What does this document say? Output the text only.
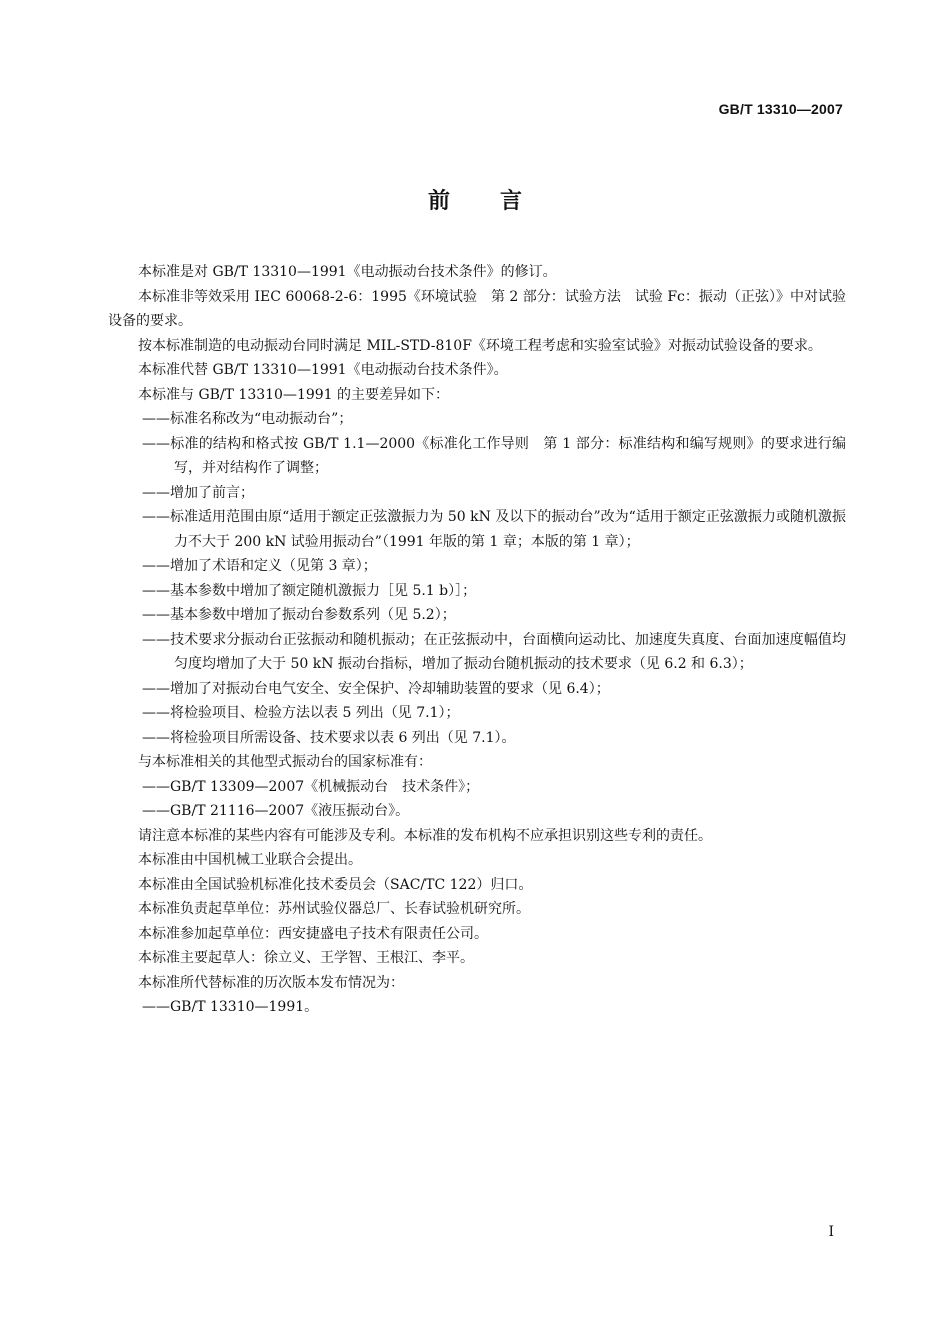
GB/T 13310—2007
前言
本标准是对 GB/T 13310—1991《电动振动台技术条件》的修订。
本标准非等效采用 IEC 60068-2-6：1995《环境试验　第 2 部分：试验方法　试验 Fc：振动（正弦）》中对试验设备的要求。
按本标准制造的电动振动台同时满足 MIL-STD-810F《环境工程考虑和实验室试验》对振动试验设备的要求。
本标准代替 GB/T 13310—1991《电动振动台技术条件》。
本标准与 GB/T 13310—1991 的主要差异如下：
——标准名称改为“电动振动台”；
——标准的结构和格式按 GB/T 1.1—2000《标准化工作导则　第 1 部分：标准结构和编写规则》的要求进行编写，并对结构作了调整；
——增加了前言；
——标准适用范围由原“适用于额定正弦激振力为 50 kN 及以下的振动台”改为“适用于额定正弦激振力或随机激振力不大于 200 kN 试验用振动台”（1991 年版的第 1 章；本版的第 1 章）；
——增加了术语和定义（见第 3 章）；
——基本参数中增加了额定随机激振力［见 5.1 b）］；
——基本参数中增加了振动台参数系列（见 5.2）；
——技术要求分振动台正弦振动和随机振动；在正弦振动中，台面横向运动比、加速度失真度、台面加速度幅值均匀度均增加了大于 50 kN 振动台指标，增加了振动台随机振动的技术要求（见 6.2 和 6.3）；
——增加了对振动台电气安全、安全保护、冷却辅助装置的要求（见 6.4）；
——将检验项目、检验方法以表 5 列出（见 7.1）；
——将检验项目所需设备、技术要求以表 6 列出（见 7.1）。
与本标准相关的其他型式振动台的国家标准有：
——GB/T 13309—2007《机械振动台　技术条件》；
——GB/T 21116—2007《液压振动台》。
请注意本标准的某些内容有可能涉及专利。本标准的发布机构不应承担识别这些专利的责任。
本标准由中国机械工业联合会提出。
本标准由全国试验机标准化技术委员会（SAC/TC 122）归口。
本标准负责起草单位：苏州试验仪器总厂、长春试验机研究所。
本标准参加起草单位：西安捷盛电子技术有限责任公司。
本标准主要起草人：徐立义、王学智、王根江、李平。
本标准所代替标准的历次版本发布情况为：
——GB/T 13310—1991。
I
